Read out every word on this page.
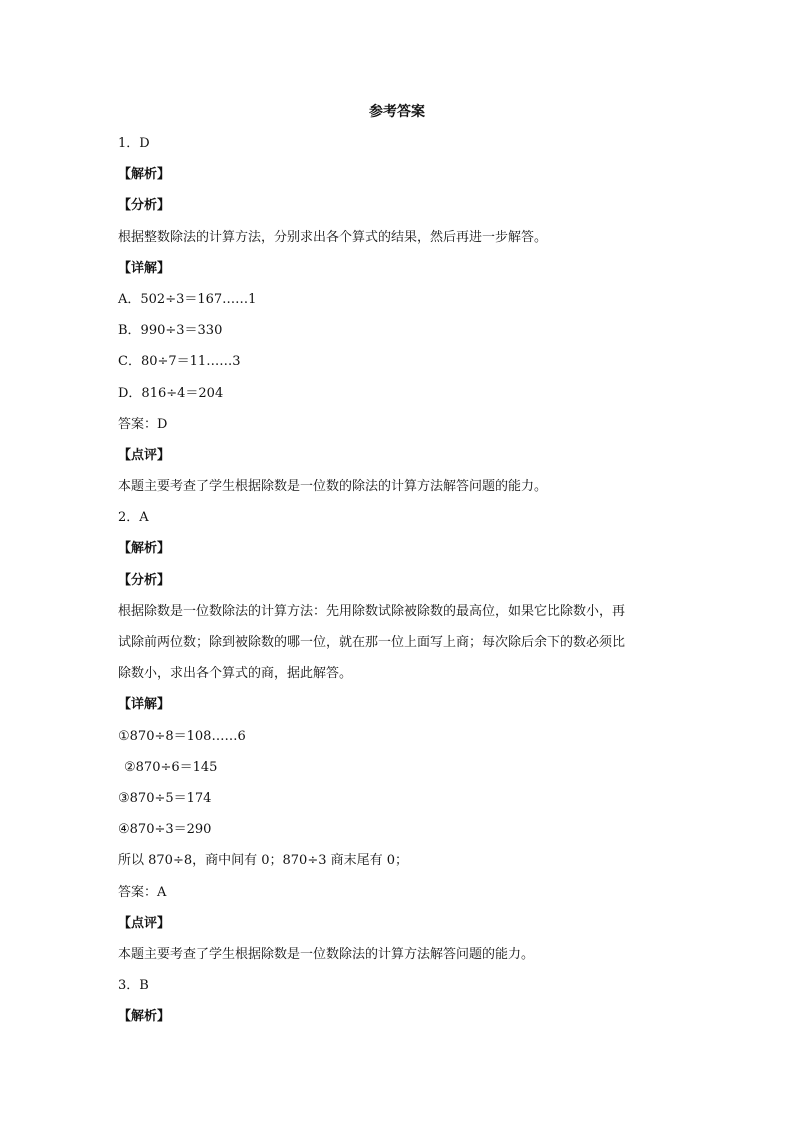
参考答案
1．D
【解析】
【分析】
根据整数除法的计算方法，分别求出各个算式的结果，然后再进一步解答。
【详解】
A．502÷3＝167……1
B．990÷3＝330
C．80÷7＝11……3
D．816÷4＝204
答案：D
【点评】
本题主要考查了学生根据除数是一位数的除法的计算方法解答问题的能力。
2．A
【解析】
【分析】
根据除数是一位数除法的计算方法：先用除数试除被除数的最高位，如果它比除数小，再
试除前两位数；除到被除数的哪一位，就在那一位上面写上商；每次除后余下的数必须比
除数小，求出各个算式的商，据此解答。
【详解】
①870÷8＝108……6
②870÷6＝145
③870÷5＝174
④870÷3＝290
所以 870÷8，商中间有 0；870÷3 商末尾有 0；
答案：A
【点评】
本题主要考查了学生根据除数是一位数除法的计算方法解答问题的能力。
3．B
【解析】
